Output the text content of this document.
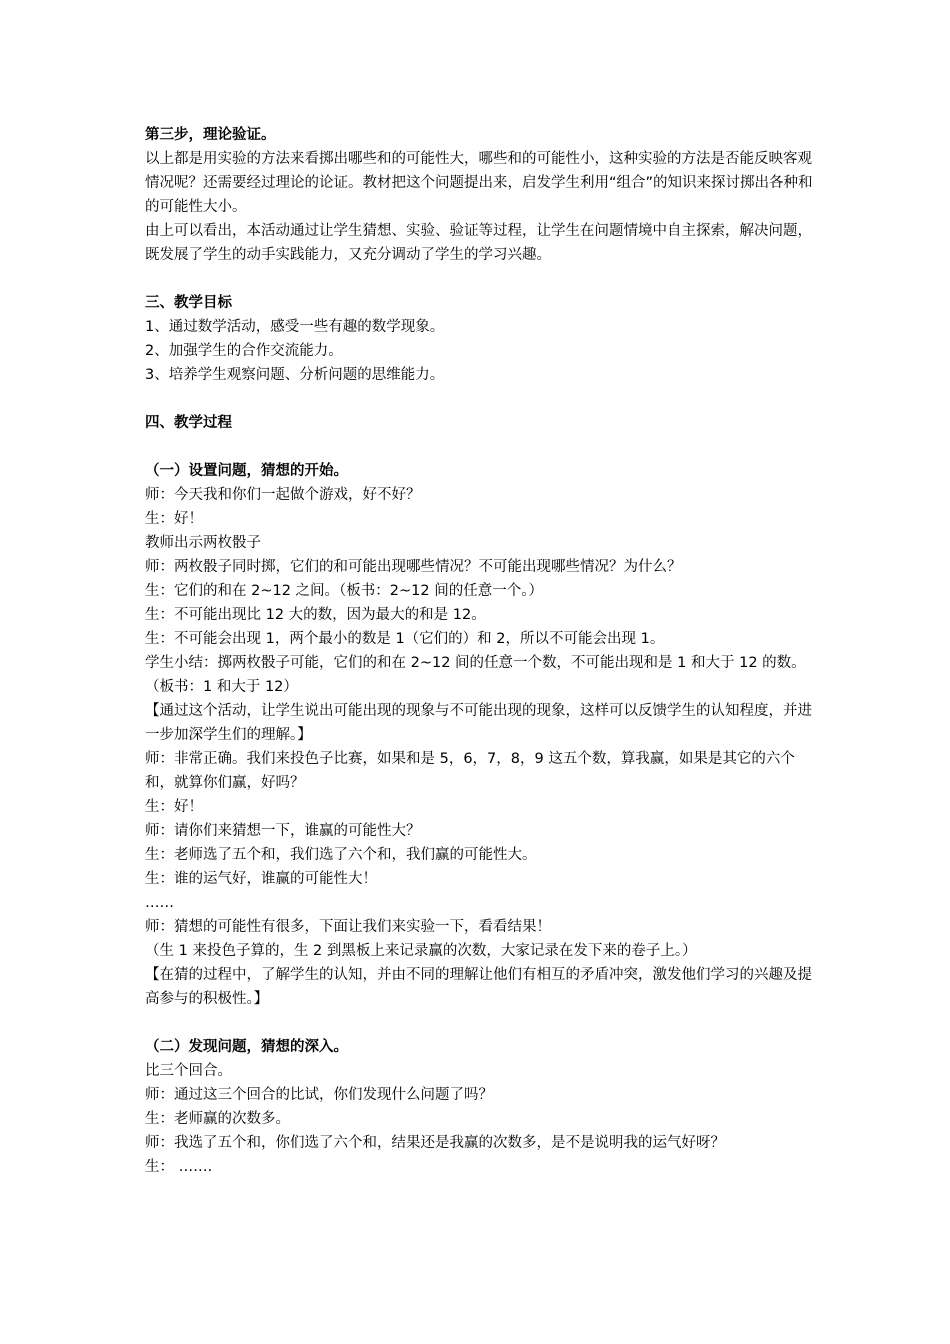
第三步，理论验证。

以上都是用实验的方法来看掷出哪些和的可能性大，哪些和的可能性小，这种实验的方法是否能反映客观情况呢？还需要经过理论的论证。教材把这个问题提出来，启发学生利用“组合”的知识来探讨掷出各种和的可能性大小。

由上可以看出，本活动通过让学生猜想、实验、验证等过程，让学生在问题情境中自主探索，解决问题，既发展了学生的动手实践能力，又充分调动了学生的学习兴趣。

三、教学目标

1、通过数学活动，感受一些有趣的数学现象。

2、加强学生的合作交流能力。

3、培养学生观察问题、分析问题的思维能力。

四、教学过程

（一）设置问题，猜想的开始。

师：今天我和你们一起做个游戏，好不好？

生：好！

教师出示两枚骰子

师：两枚骰子同时掷，它们的和可能出现哪些情况？不可能出现哪些情况？为什么？

生：它们的和在 2~12 之间。（板书：2~12 间的任意一个。）

生：不可能出现比 12 大的数，因为最大的和是 12。

生：不可能会出现 1，两个最小的数是 1（它们的）和 2，所以不可能会出现 1。

学生小结：掷两枚骰子可能，它们的和在 2~12 间的任意一个数，不可能出现和是 1 和大于 12 的数。（板书：1 和大于 12）

【通过这个活动，让学生说出可能出现的现象与不可能出现的现象，这样可以反馈学生的认知程度，并进一步加深学生们的理解。】

师：非常正确。我们来投色子比赛，如果和是 5，6，7，8，9 这五个数，算我赢，如果是其它的六个和，就算你们赢，好吗？

生：好！

师：请你们来猜想一下，谁赢的可能性大？

生：老师选了五个和，我们选了六个和，我们赢的可能性大。

生：谁的运气好，谁赢的可能性大！

……

师：猜想的可能性有很多，下面让我们来实验一下，看看结果！

（生 1 来投色子算的，生 2 到黑板上来记录赢的次数，大家记录在发下来的卷子上。）

【在猜的过程中，了解学生的认知，并由不同的理解让他们有相互的矛盾冲突，激发他们学习的兴趣及提高参与的积极性。】

（二）发现问题，猜想的深入。

比三个回合。

师：通过这三个回合的比试，你们发现什么问题了吗？

生：老师赢的次数多。

师：我选了五个和，你们选了六个和，结果还是我赢的次数多，是不是说明我的运气好呀？

生： …….
